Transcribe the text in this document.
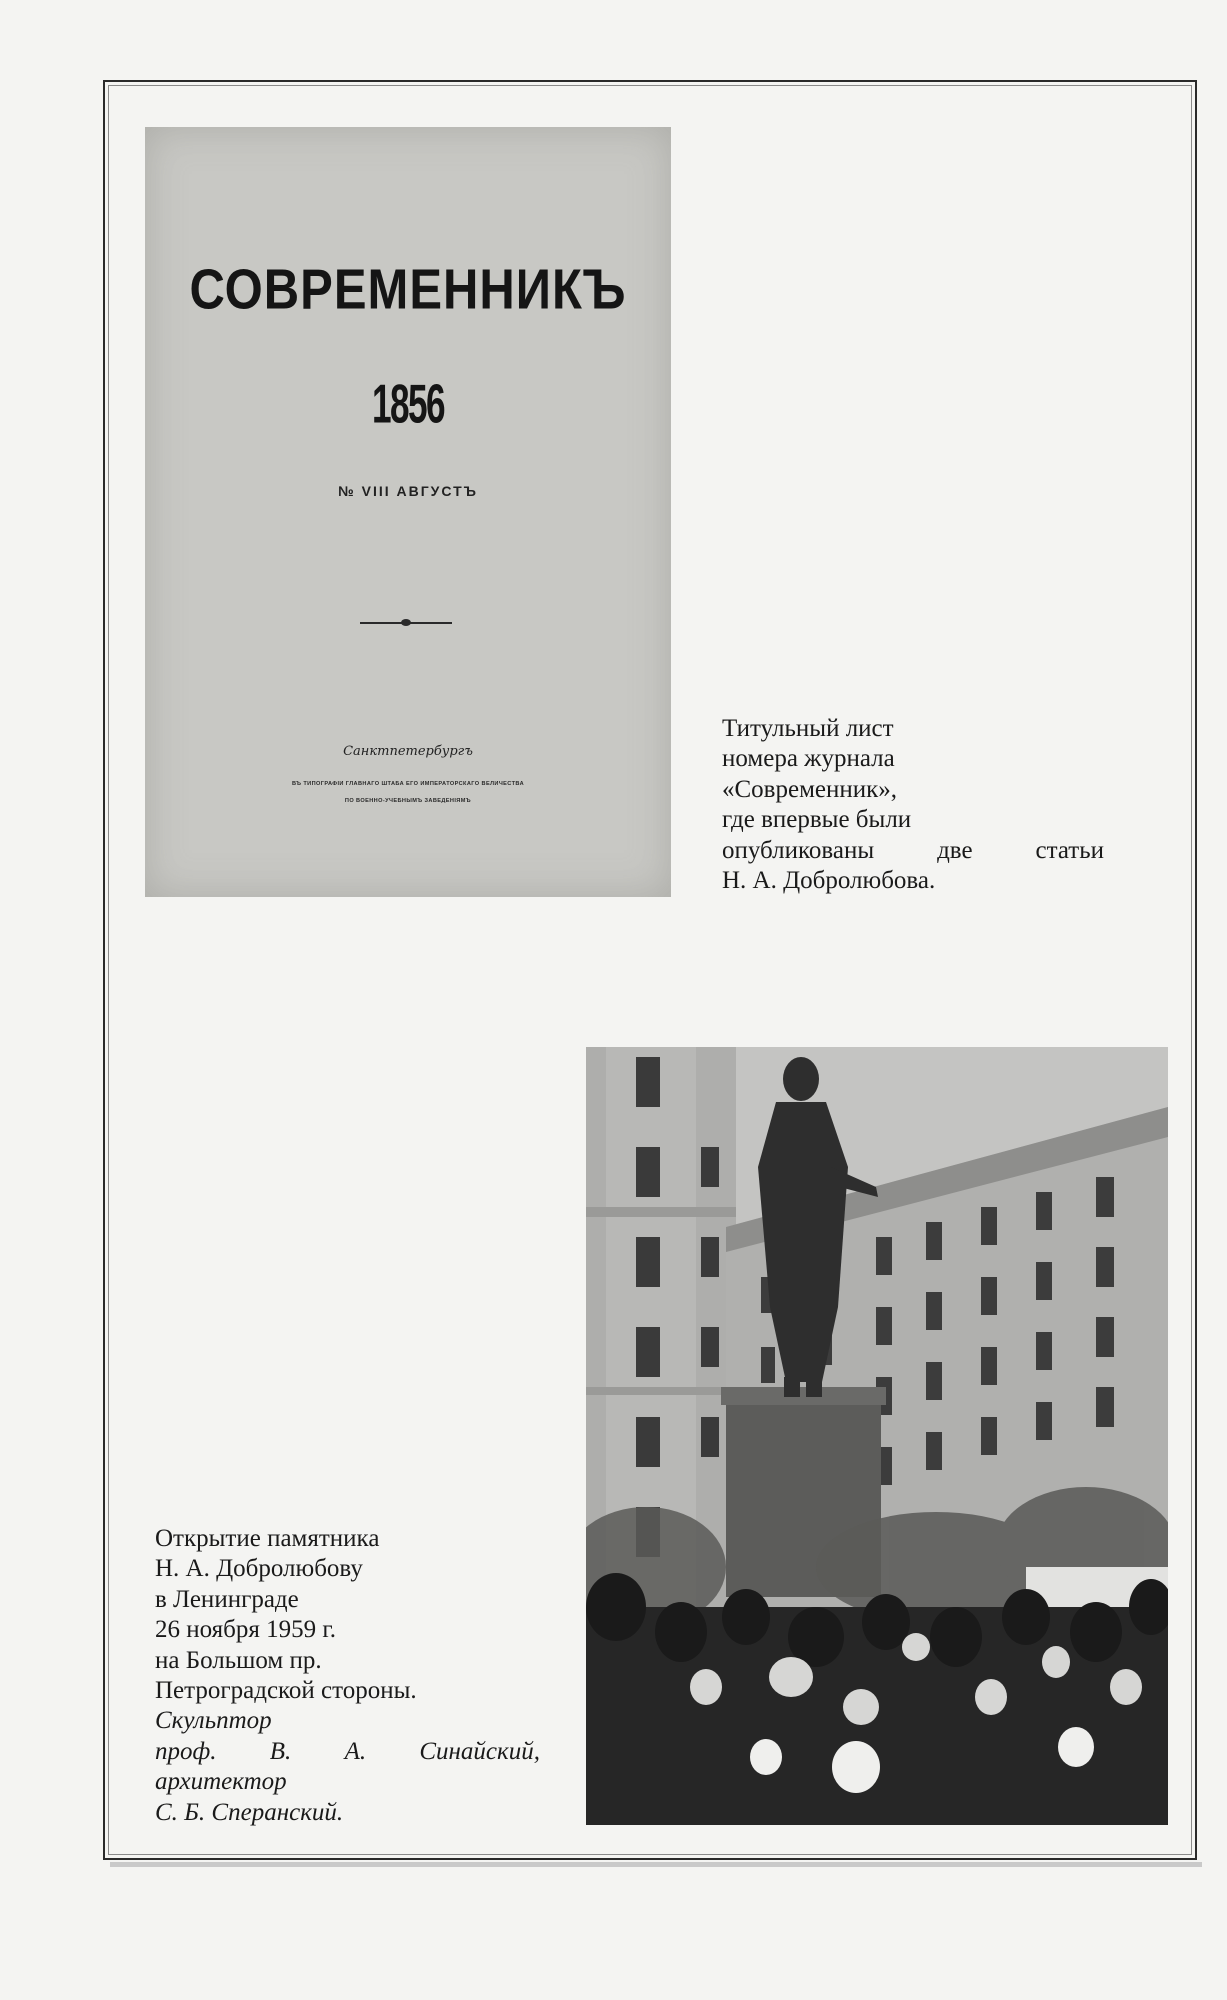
СОВРЕМЕННИКЪ
1856
№ VIII АВГУСТЪ
Санктпетербургъ
ВЪ ТИПОГРАФІИ ГЛАВНАГО ШТАБА ЕГО ИМПЕРАТОРСКАГО ВЕЛИЧЕСТВА
ПО ВОЕННО-УЧЕБНЫМЪ ЗАВЕДЕНІЯМЪ
Титульный лист
номера журнала
«Современник»,
где впервые были
опубликованы	две	статьи
Н. А. Добролюбова.
Открытие памятника
Н. А. Добролюбову
в Ленинграде
26 ноября 1959 г.
на Большом пр.
Петроградской стороны.
Скульптор
проф. В. А. Синайский,
архитектор
С. Б. Сперанский.
